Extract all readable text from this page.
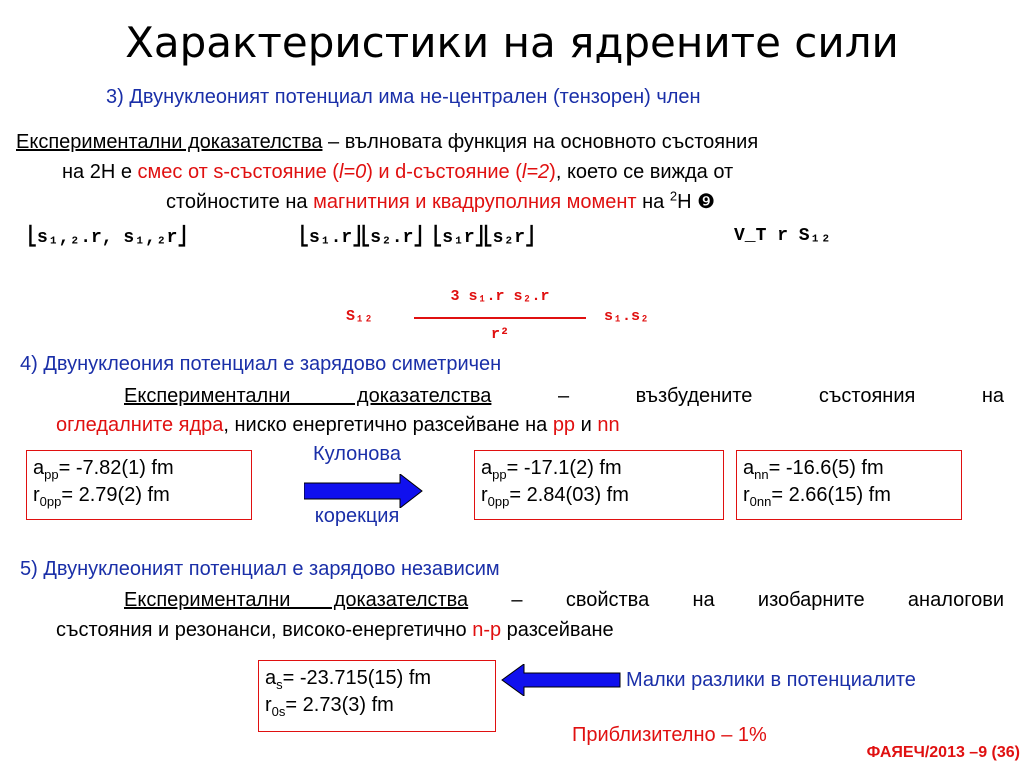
Характеристики на ядрените сили
3) Двунуклеоният потенциал има не-централен (тензорен) член
Експериментални доказателства – вълновата функция на основното състояния
на 2H е смес от s-състояние (l=0) и d-състояние (l=2), което се вижда от
стойностите на магнитния и квадруполния момент на $^2$H ❾
⎣s₁,₂.r, s₁,₂r⎦	⎣s₁.r⎦⎣s₂.r⎦ ⎣s₁r⎦⎣s₂r⎦	V_T r S₁₂
S₁₂
3 s₁.r s₂.r
r²
s₁.s₂
4) Двунуклеония потенциал е зарядово симетричен
Експериментални доказателства	– възбудените състояния на
огледалните ядра, ниско енергетично разсейване на pp и nn
$a_{pp}= -7.82(1)$ fm
$r_{0pp}= 2.79(2)$ fm
Кулонова
корекция
$a_{pp}= -17.1(2)$ fm
$r_{0pp}= 2.84(03)$ fm
$a_{nn}= -16.6(5)$ fm
$r_{0nn}= 2.66(15)$ fm
5) Двунуклеоният потенциал е зарядово независим
Експериментални доказателства – свойства на изобарните аналогови
състояния и резонанси, високо-енергетично n-p разсейване
$a_s= -23.715(15)$ fm
$r_{0s}= 2.73(3)$ fm
Малки разлики в потенциалите
Приблизително – 1%
ФАЯЕЧ/2013 –9 (36)
